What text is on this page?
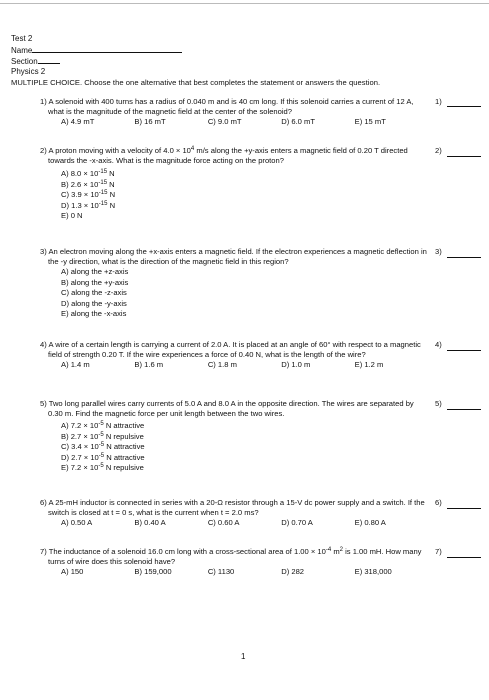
Test 2
Name
Section
Physics 2
MULTIPLE CHOICE. Choose the one alternative that best completes the statement or answers the question.
1) A solenoid with 400 turns has a radius of 0.040 m and is 40 cm long. If this solenoid carries a current of 12 A, what is the magnitude of the magnetic field at the center of the solenoid?
A) 4.9 mT	B) 16 mT	C) 9.0 mT	D) 6.0 mT	E) 15 mT
1)
2) A proton moving with a velocity of $4.0 \times 10^4$ m/s along the +y-axis enters a magnetic field of 0.20 T directed towards the -x-axis. What is the magnitude force acting on the proton?
A) $8.0 \times 10^{-15}$ N
B) $2.6 \times 10^{-15}$ N
C) $3.9 \times 10^{-15}$ N
D) $1.3 \times 10^{-15}$ N
E) 0 N
2)
3) An electron moving along the +x-axis enters a magnetic field. If the electron experiences a magnetic deflection in the -y direction, what is the direction of the magnetic field in this region?
A) along the +z-axis
B) along the +y-axis
C) along the -z-axis
D) along the -y-axis
E) along the -x-axis
3)
4) A wire of a certain length is carrying a current of 2.0 A. It is placed at an angle of 60° with respect to a magnetic field of strength 0.20 T. If the wire experiences a force of 0.40 N, what is the length of the wire?
A) 1.4 m	B) 1.6 m	C) 1.8 m	D) 1.0 m	E) 1.2 m
4)
5) Two long parallel wires carry currents of 5.0 A and 8.0 A in the opposite direction. The wires are separated by 0.30 m. Find the magnetic force per unit length between the two wires.
A) $7.2 \times 10^{-5}$ N attractive
B) $2.7 \times 10^{-5}$ N repulsive
C) $3.4 \times 10^{-5}$ N attractive
D) $2.7 \times 10^{-5}$ N attractive
E) $7.2 \times 10^{-5}$ N repulsive
5)
6) A 25-mH inductor is connected in series with a 20-Ω resistor through a 15-V dc power supply and a switch. If the switch is closed at t = 0 s, what is the current when t = 2.0 ms?
A) 0.50 A	B) 0.40 A	C) 0.60 A	D) 0.70 A	E) 0.80 A
6)
7) The inductance of a solenoid 16.0 cm long with a cross-sectional area of $1.00 \times 10^{-4}$ $m^2$ is 1.00 mH. How many turns of wire does this solenoid have?
A) 150	B) 159,000	C) 1130	D) 282	E) 318,000
7)
1
